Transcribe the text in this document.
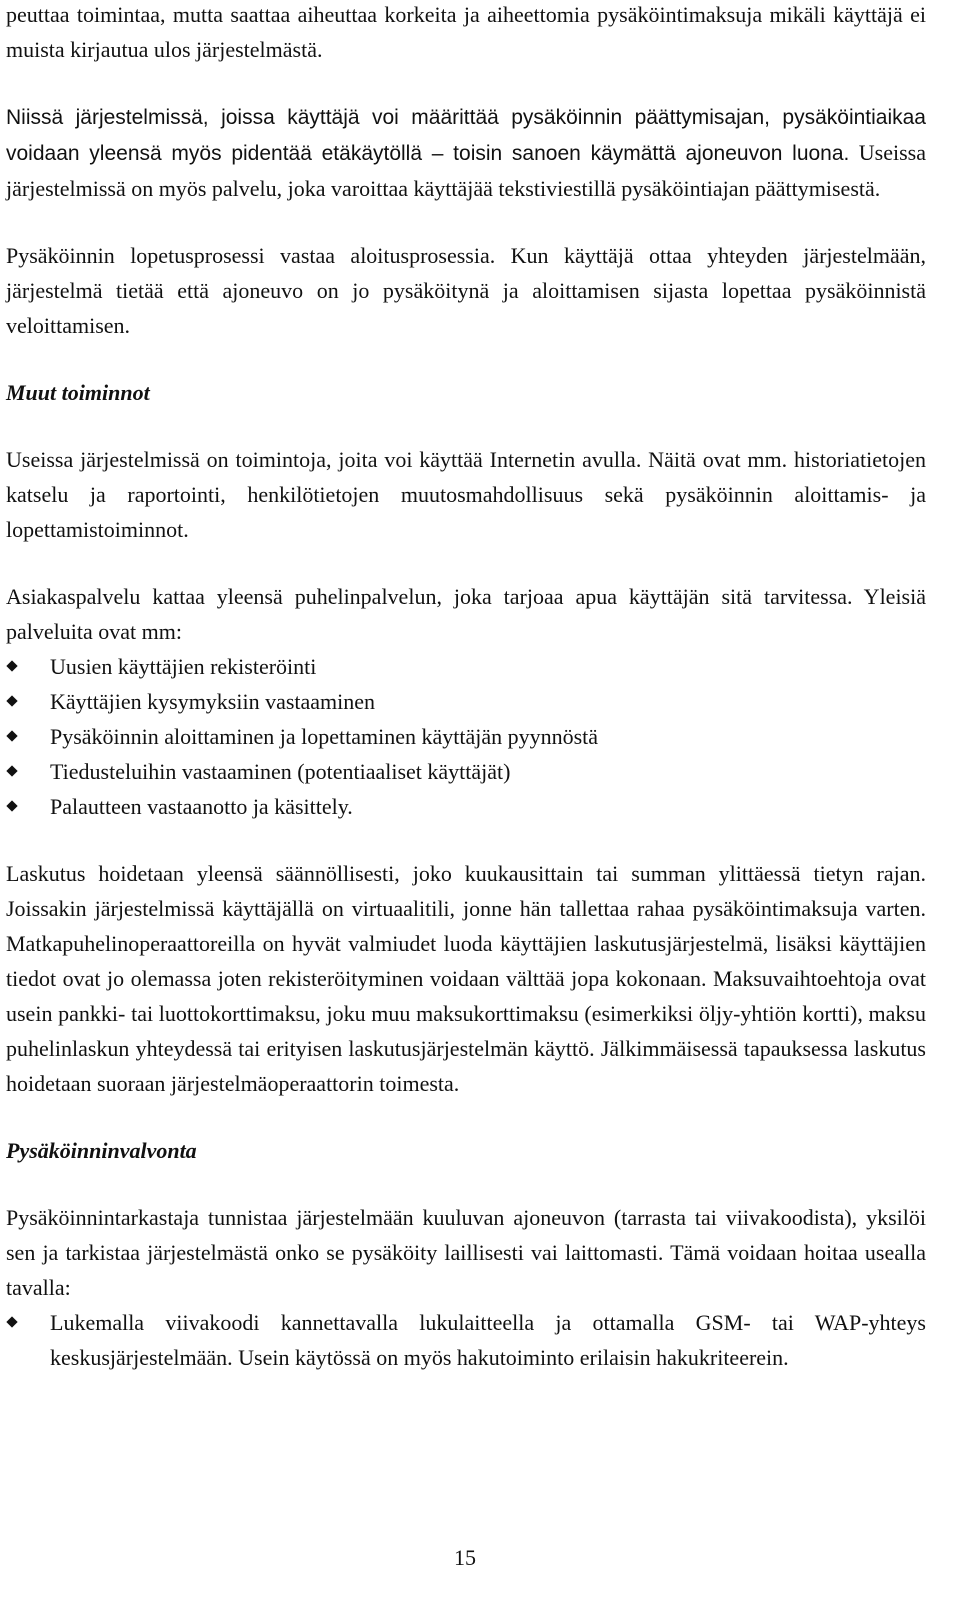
peuttaa toimintaa, mutta saattaa aiheuttaa korkeita ja aiheettomia pysäköintimaksuja mikäli käyttäjä ei muista kirjautua ulos järjestelmästä.

Niissä järjestelmissä, joissa käyttäjä voi määrittää pysäköinnin päättymisajan, pysäköintiaikaa voidaan yleensä myös pidentää etäkäytöllä – toisin sanoen käymättä ajoneuvon luona. Useissa järjestelmissä on myös palvelu, joka varoittaa käyttäjää tekstiviestillä pysäköintiajan päättymisestä.

Pysäköinnin lopetusprosessi vastaa aloitusprosessia. Kun käyttäjä ottaa yhteyden järjestelmään, järjestelmä tietää että ajoneuvo on jo pysäköitynä ja aloittamisen sijasta lopettaa pysäköinnistä veloittamisen.

Muut toiminnot

Useissa järjestelmissä on toimintoja, joita voi käyttää Internetin avulla. Näitä ovat mm. historiatietojen katselu ja raportointi, henkilötietojen muutosmahdollisuus sekä pysäköinnin aloittamis- ja lopettamistoiminnot.

Asiakaspalvelu kattaa yleensä puhelinpalvelun, joka tarjoaa apua käyttäjän sitä tarvitessa. Yleisiä palveluita ovat mm:

Uusien käyttäjien rekisteröinti
Käyttäjien kysymyksiin vastaaminen
Pysäköinnin aloittaminen ja lopettaminen käyttäjän pyynnöstä
Tiedusteluihin vastaaminen (potentiaaliset käyttäjät)
Palautteen vastaanotto ja käsittely.

Laskutus hoidetaan yleensä säännöllisesti, joko kuukausittain tai summan ylittäessä tietyn rajan. Joissakin järjestelmissä käyttäjällä on virtuaalitili, jonne hän tallettaa rahaa pysäköintimaksuja varten. Matkapuhelinoperaattoreilla on hyvät valmiudet luoda käyttäjien laskutusjärjestelmä, lisäksi käyttäjien tiedot ovat jo olemassa joten rekisteröityminen voidaan välttää jopa kokonaan. Maksuvaihtoehtoja ovat usein pankki- tai luottokorttimaksu, joku muu maksukorttimaksu (esimerkiksi öljy-yhtiön kortti), maksu puhelinlaskun yhteydessä tai erityisen laskutusjärjestelmän käyttö. Jälkimmäisessä tapauksessa laskutus hoidetaan suoraan järjestelmäoperaattorin toimesta.

Pysäköinninvalvonta

Pysäköinnintarkastaja tunnistaa järjestelmään kuuluvan ajoneuvon (tarrasta tai viivakoodista), yksilöi sen ja tarkistaa järjestelmästä onko se pysäköity laillisesti vai laittomasti. Tämä voidaan hoitaa usealla tavalla:

Lukemalla viivakoodi kannettavalla lukulaitteella ja ottamalla GSM- tai WAP-yhteys keskusjärjestelmään. Usein käytössä on myös hakutoiminto erilaisin hakukriteerein.
15
